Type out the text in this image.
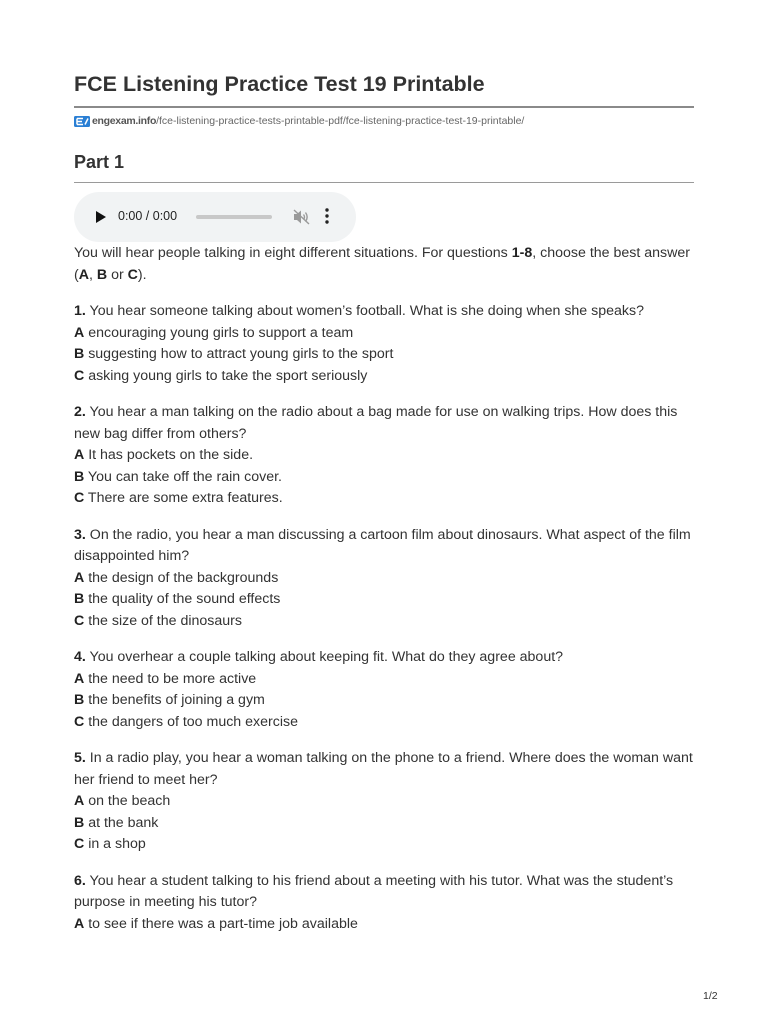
FCE Listening Practice Test 19 Printable
engexam.info /fce-listening-practice-tests-printable-pdf/fce-listening-practice-test-19-printable/
Part 1
0:00 / 0:00

You will hear people talking in eight different situations. For questions 1-8, choose the best answer (A, B or C).

1. You hear someone talking about women’s football. What is she doing when she speaks?

A encouraging young girls to support a team

B suggesting how to attract young girls to the sport

C asking young girls to take the sport seriously

2. You hear a man talking on the radio about a bag made for use on walking trips. How does this new bag differ from others?

A It has pockets on the side.

B You can take off the rain cover.

C There are some extra features.

3. On the radio, you hear a man discussing a cartoon film about dinosaurs. What aspect of the film disappointed him?

A the design of the backgrounds

B the quality of the sound effects

C the size of the dinosaurs

4. You overhear a couple talking about keeping fit. What do they agree about?

A the need to be more active

B the benefits of joining a gym

C the dangers of too much exercise

5. In a radio play, you hear a woman talking on the phone to a friend. Where does the woman want her friend to meet her?

A on the beach

B at the bank

C in a shop

6. You hear a student talking to his friend about a meeting with his tutor. What was the student’s purpose in meeting his tutor?

A to see if there was a part-time job available

1/2
